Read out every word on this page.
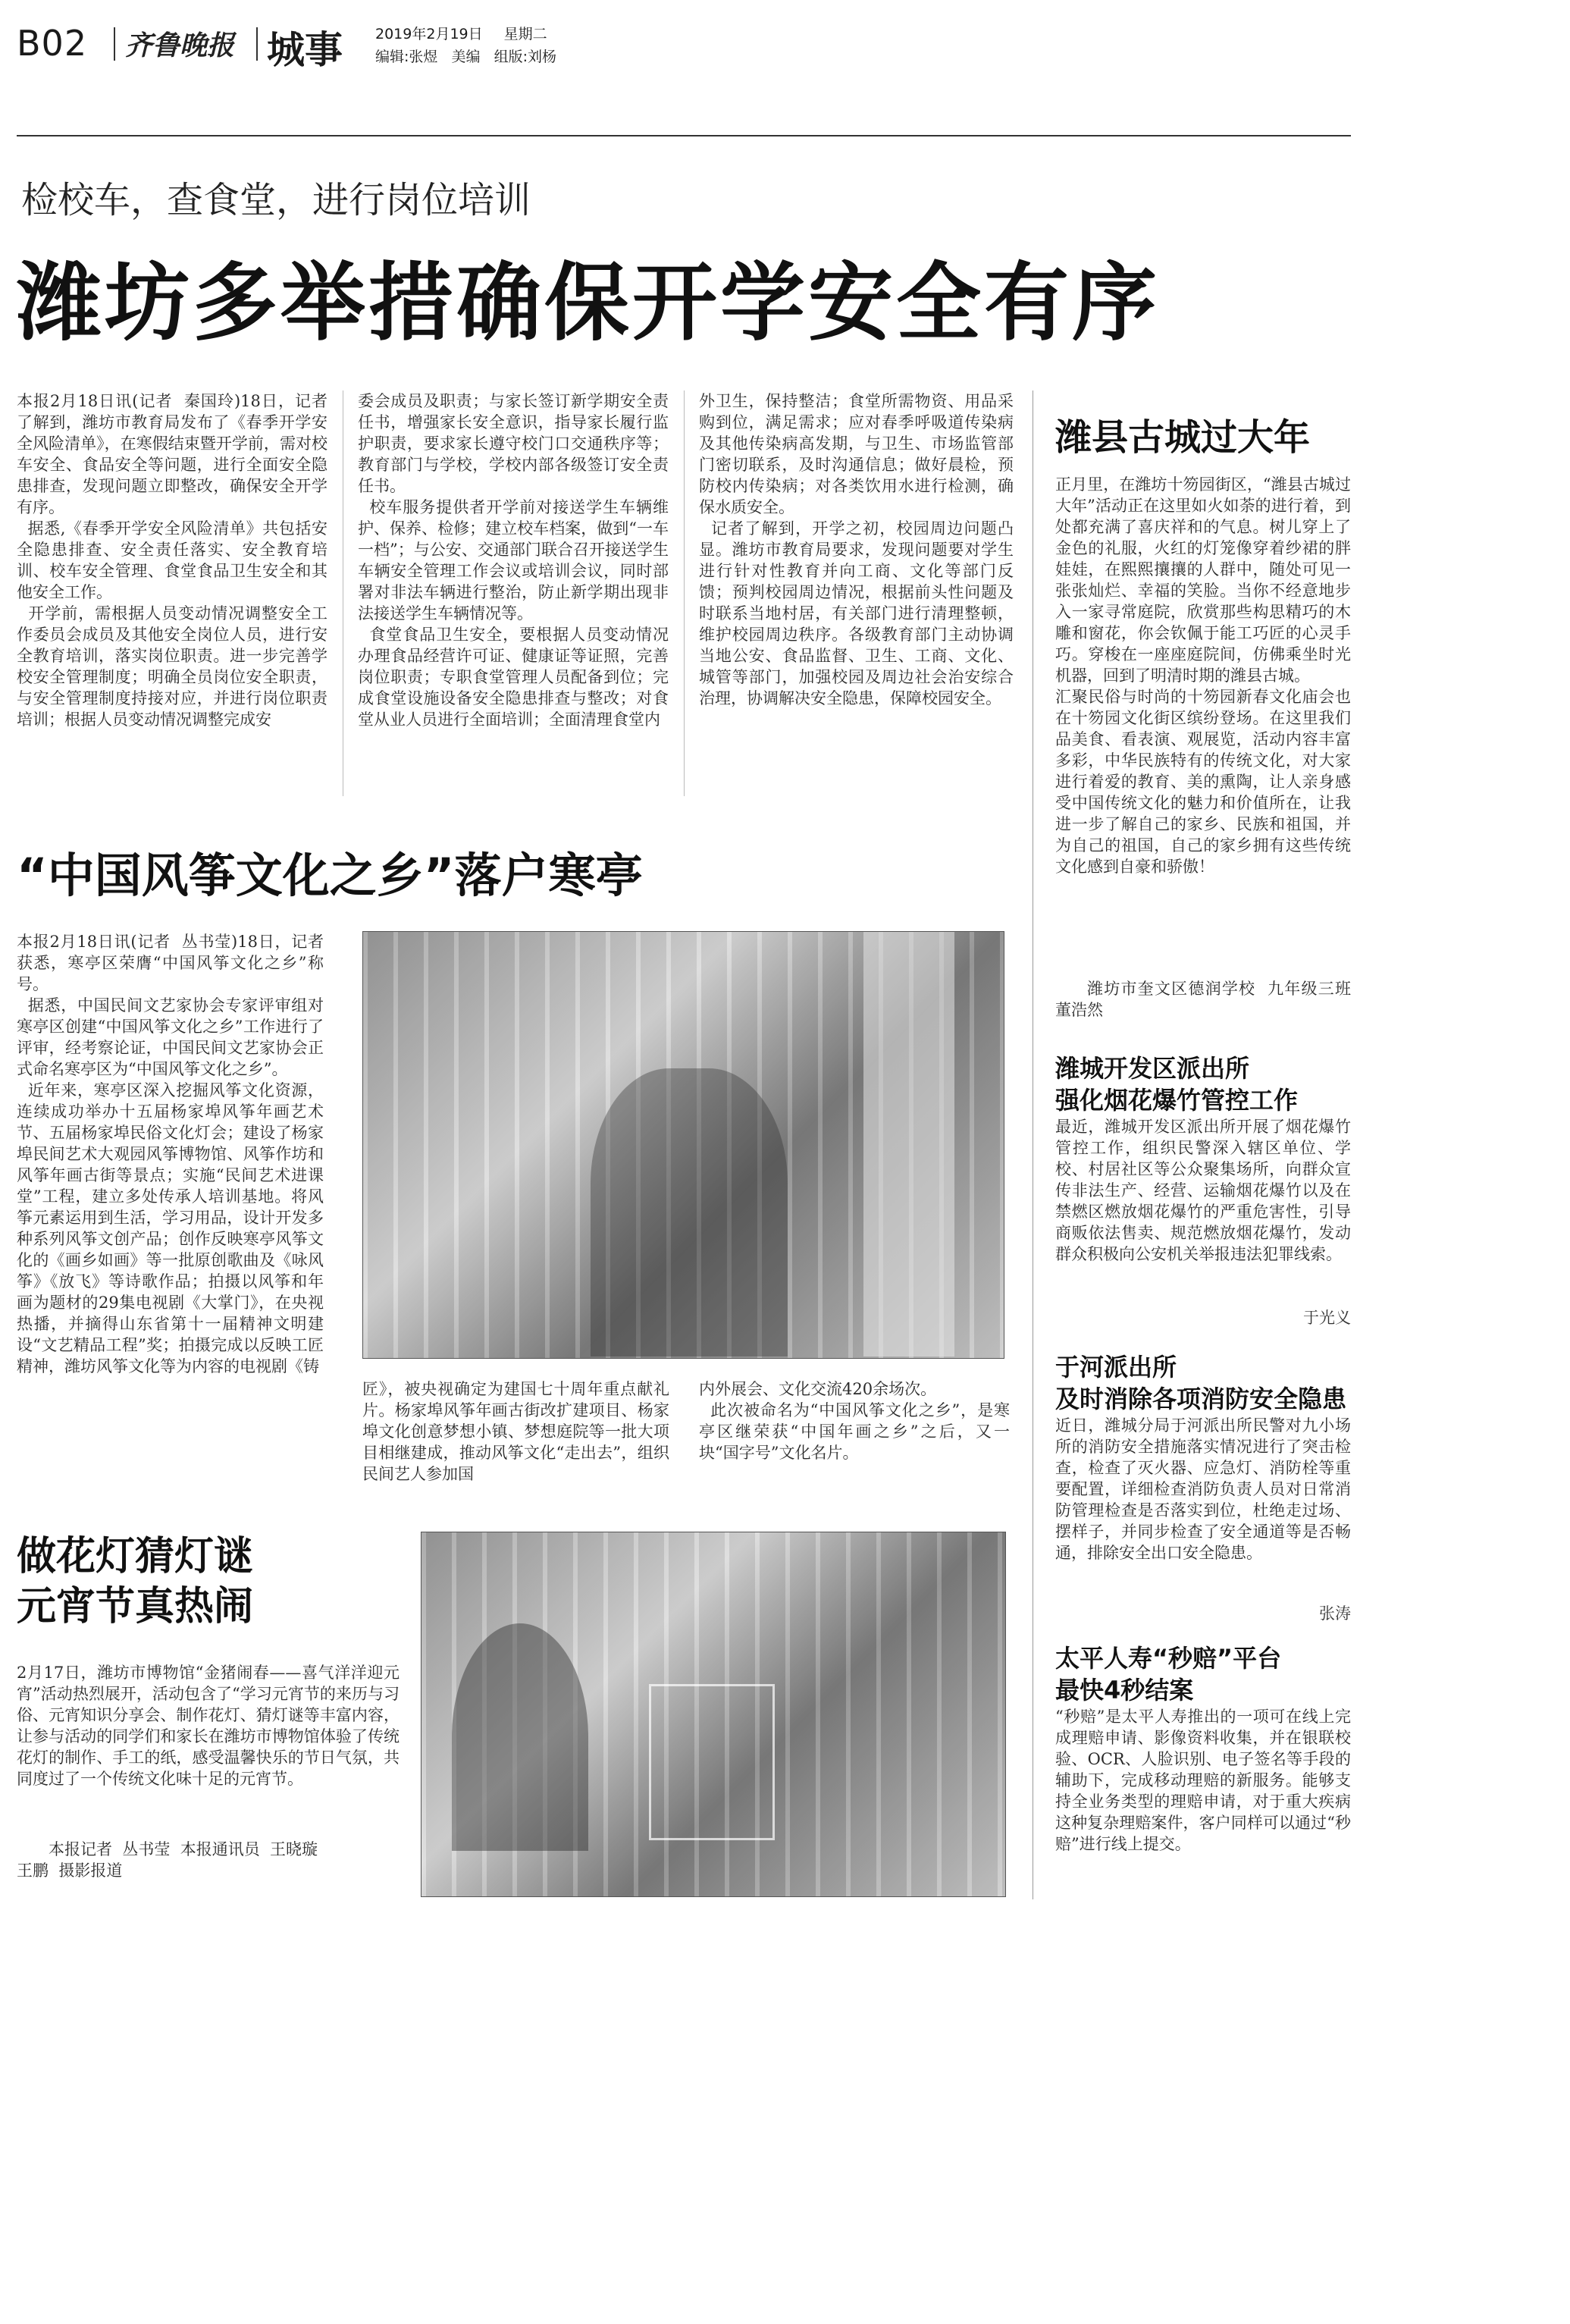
B02 齐鲁晚报 城事 2019年2月19日 星期二
编辑:张煜   美编   组版:刘杨
检校车，查食堂，进行岗位培训
潍坊多举措确保开学安全有序
本报2月18日讯(记者  秦国玲)18日，记者了解到，潍坊市教育局发布了《春季开学安全风险清单》，在寒假结束暨开学前，需对校车安全、食品安全等问题，进行全面安全隐患排查，发现问题立即整改，确保安全开学有序。
据悉,《春季开学安全风险清单》共包括安全隐患排查、安全责任落实、安全教育培训、校车安全管理、食堂食品卫生安全和其他安全工作。
开学前，需根据人员变动情况调整安全工作委员会成员及其他安全岗位人员，进行安全教育培训，落实岗位职责。进一步完善学校安全管理制度；明确全员岗位安全职责，与安全管理制度持接对应，并进行岗位职责培训；根据人员变动情况调整完成安
委会成员及职责；与家长签订新学期安全责任书，增强家长安全意识，指导家长履行监护职责，要求家长遵守校门口交通秩序等；教育部门与学校，学校内部各级签订安全责任书。
校车服务提供者开学前对接送学生车辆维护、保养、检修；建立校车档案，做到“一车一档”；与公安、交通部门联合召开接送学生车辆安全管理工作会议或培训会议，同时部署对非法车辆进行整治，防止新学期出现非法接送学生车辆情况等。
食堂食品卫生安全，要根据人员变动情况办理食品经营许可证、健康证等证照，完善岗位职责；专职食堂管理人员配备到位；完成食堂设施设备安全隐患排查与整改；对食堂从业人员进行全面培训；全面清理食堂内
外卫生，保持整洁；食堂所需物资、用品采购到位，满足需求；应对春季呼吸道传染病及其他传染病高发期，与卫生、市场监管部门密切联系，及时沟通信息；做好晨检，预防校内传染病；对各类饮用水进行检测，确保水质安全。
记者了解到，开学之初，校园周边问题凸显。潍坊市教育局要求，发现问题要对学生进行针对性教育并向工商、文化等部门反馈；预判校园周边情况，根据前头性问题及时联系当地村居，有关部门进行清理整顿，维护校园周边秩序。各级教育部门主动协调当地公安、食品监督、卫生、工商、文化、城管等部门，加强校园及周边社会治安综合治理，协调解决安全隐患，保障校园安全。
“中国风筝文化之乡”落户寒亭
本报2月18日讯(记者  丛书莹)18日，记者获悉，寒亭区荣膺“中国风筝文化之乡”称号。
据悉，中国民间文艺家协会专家评审组对寒亭区创建“中国风筝文化之乡”工作进行了评审，经考察论证，中国民间文艺家协会正式命名寒亭区为“中国风筝文化之乡”。
近年来，寒亭区深入挖掘风筝文化资源，连续成功举办十五届杨家埠风筝年画艺术节、五届杨家埠民俗文化灯会；建设了杨家埠民间艺术大观园风筝博物馆、风筝作坊和风筝年画古街等景点；实施“民间艺术进课堂”工程，建立多处传承人培训基地。将风筝元素运用到生活，学习用品，设计开发多种系列风筝文创产品；创作反映寒亭风筝文化的《画乡如画》等一批原创歌曲及《咏风筝》《放飞》等诗歌作品；拍摄以风筝和年画为题材的29集电视剧《大掌门》，在央视热播，并摘得山东省第十一届精神文明建设“文艺精品工程”奖；拍摄完成以反映工匠精神，潍坊风筝文化等为内容的电视剧《铸
匠》，被央视确定为建国七十周年重点献礼片。杨家埠风筝年画古街改扩建项目、杨家埠文化创意梦想小镇、梦想庭院等一批大项目相继建成，推动风筝文化“走出去”，组织民间艺人参加国
内外展会、文化交流420余场次。
此次被命名为“中国风筝文化之乡”，是寒亭区继荣获“中国年画之乡”之后，又一块“国字号”文化名片。
做花灯猜灯谜
元宵节真热闹
2月17日，潍坊市博物馆“金猪闹春——喜气洋洋迎元宵”活动热烈展开，活动包含了“学习元宵节的来历与习俗、元宵知识分享会、制作花灯、猜灯谜等丰富内容，让参与活动的同学们和家长在潍坊市博物馆体验了传统花灯的制作、手工的纸，感受温馨快乐的节日气氛，共同度过了一个传统文化味十足的元宵节。
本报记者  丛书莹  本报通讯员  王晓璇
王鹏  摄影报道
潍县古城过大年
正月里，在潍坊十笏园街区，“潍县古城过大年”活动正在这里如火如荼的进行着，到处都充满了喜庆祥和的气息。树儿穿上了金色的礼服，火红的灯笼像穿着纱裙的胖娃娃，在熙熙攘攘的人群中，随处可见一张张灿烂、幸福的笑脸。当你不经意地步入一家寻常庭院，欣赏那些构思精巧的木雕和窗花，你会钦佩于能工巧匠的心灵手巧。穿梭在一座座庭院间，仿佛乘坐时光机器，回到了明清时期的潍县古城。
汇聚民俗与时尚的十笏园新春文化庙会也在十笏园文化街区缤纷登场。在这里我们品美食、看表演、观展览，活动内容丰富多彩，中华民族特有的传统文化，对大家进行着爱的教育、美的熏陶，让人亲身感受中国传统文化的魅力和价值所在，让我进一步了解自己的家乡、民族和祖国，并为自己的祖国，自己的家乡拥有这些传统文化感到自豪和骄傲！
潍坊市奎文区德润学校  九年级三班  董浩然
潍城开发区派出所
强化烟花爆竹管控工作
最近，潍城开发区派出所开展了烟花爆竹管控工作，组织民警深入辖区单位、学校、村居社区等公众聚集场所，向群众宣传非法生产、经营、运输烟花爆竹以及在禁燃区燃放烟花爆竹的严重危害性，引导商贩依法售卖、规范燃放烟花爆竹，发动群众积极向公安机关举报违法犯罪线索。
于光义
于河派出所
及时消除各项消防安全隐患
近日，潍城分局于河派出所民警对九小场所的消防安全措施落实情况进行了突击检查，检查了灭火器、应急灯、消防栓等重要配置，详细检查消防负责人员对日常消防管理检查是否落实到位，杜绝走过场、摆样子，并同步检查了安全通道等是否畅通，排除安全出口安全隐患。
张涛
太平人寿“秒赔”平台
最快4秒结案
“秒赔”是太平人寿推出的一项可在线上完成理赔申请、影像资料收集，并在银联校验、OCR、人脸识别、电子签名等手段的辅助下，完成移动理赔的新服务。能够支持全业务类型的理赔申请，对于重大疾病这种复杂理赔案件，客户同样可以通过“秒赔”进行线上提交。
